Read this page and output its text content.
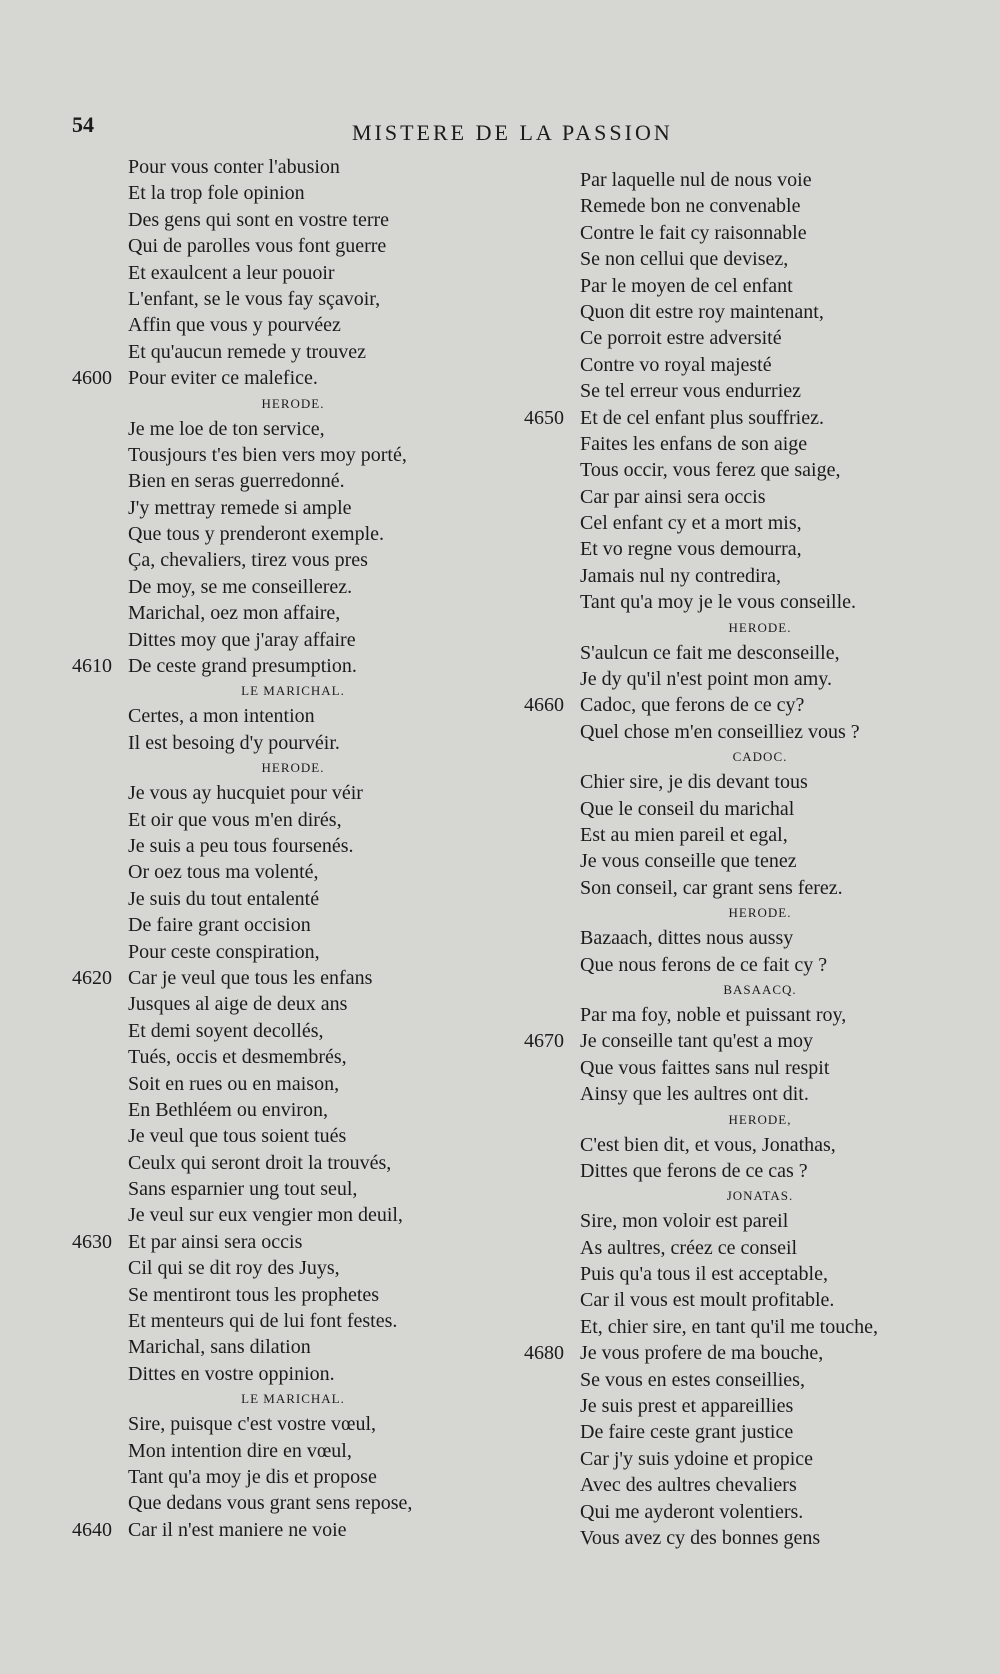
54	MISTERE DE LA PASSION
Pour vous conter l'abusion
Et la trop fole opinion
Des gens qui sont en vostre terre
Qui de parolles vous font guerre
Et exaulcent a leur pouoir
L'enfant, se le vous fay sçavoir,
Affin que vous y pourvéez
Et qu'aucun remede y trouvez
Pour eviter ce malefice.
4600
HERODE.
Je me loe de ton service,
Tousjours t'es bien vers moy porté,
Bien en seras guerredonné.
J'y mettray remede si ample
Que tous y prenderont exemple.
Ça, chevaliers, tirez vous pres
De moy, se me conseillerez.
Marichal, oez mon affaire,
Dittes moy que j'aray affaire
De ceste grand presumption.
4610
LE MARICHAL.
Certes, a mon intention
Il est besoing d'y pourvéir.
HERODE.
Je vous ay hucquiet pour véir
Et oir que vous m'en dirés,
Je suis a peu tous foursenés.
Or oez tous ma volenté,
Je suis du tout entalenté
De faire grant occision
Pour ceste conspiration,
Car je veul que tous les enfans
4620
Jusques al aige de deux ans
Et demi soyent decollés,
Tués, occis et desmembrés,
Soit en rues ou en maison,
En Bethléem ou environ,
Je veul que tous soient tués
Ceulx qui seront droit la trouvés,
Sans esparnier ung tout seul,
Je veul sur eux vengier mon deuil,
Et par ainsi sera occis
4630
Cil qui se dit roy des Juys,
Se mentiront tous les prophetes
Et menteurs qui de lui font festes.
Marichal, sans dilation
Dittes en vostre oppinion.
LE MARICHAL.
Sire, puisque c'est vostre vœul,
Mon intention dire en vœul,
Tant qu'a moy je dis et propose
Que dedans vous grant sens repose,
Car il n'est maniere ne voie
4640
Par laquelle nul de nous voie
Remede bon ne convenable
Contre le fait cy raisonnable
Se non cellui que devisez,
Par le moyen de cel enfant
Quon dit estre roy maintenant,
Ce porroit estre adversité
Contre vo royal majesté
Se tel erreur vous endurriez
Et de cel enfant plus souffriez.
4650
Faites les enfans de son aige
Tous occir, vous ferez que saige,
Car par ainsi sera occis
Cel enfant cy et a mort mis,
Et vo regne vous demourra,
Jamais nul ny contredira,
Tant qu'a moy je le vous conseille.
HERODE.
S'aulcun ce fait me desconseille,
Je dy qu'il n'est point mon amy.
Cadoc, que ferons de ce cy?
4660
Quel chose m'en conseilliez vous ?
CADOC.
Chier sire, je dis devant tous
Que le conseil du marichal
Est au mien pareil et egal,
Je vous conseille que tenez
Son conseil, car grant sens ferez.
HERODE.
Bazaach, dittes nous aussy
Que nous ferons de ce fait cy ?
BASAACQ.
Par ma foy, noble et puissant roy,
Je conseille tant qu'est a moy
4670
Que vous faittes sans nul respit
Ainsy que les aultres ont dit.
HERODE,
C'est bien dit, et vous, Jonathas,
Dittes que ferons de ce cas ?
JONATAS.
Sire, mon voloir est pareil
As aultres, créez ce conseil
Puis qu'a tous il est acceptable,
Car il vous est moult profitable.
Et, chier sire, en tant qu'il me touche,
Je vous profere de ma bouche,
4680
Se vous en estes conseillies,
Je suis prest et appareillies
De faire ceste grant justice
Car j'y suis ydoine et propice
Avec des aultres chevaliers
Qui me ayderont volentiers.
Vous avez cy des bonnes gens
